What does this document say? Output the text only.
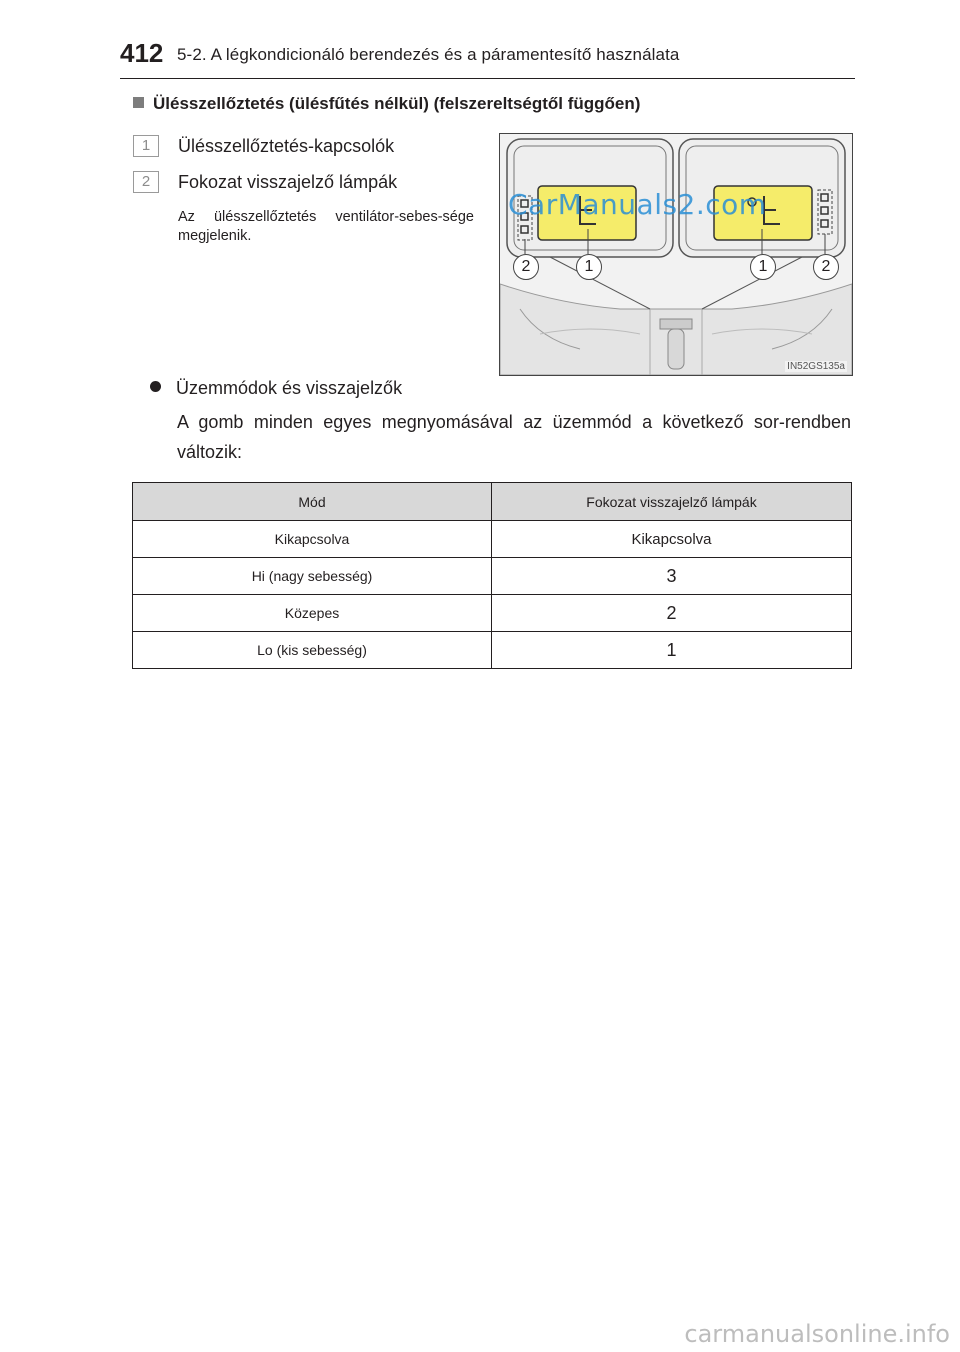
412 5-2. A légkondicionáló berendezés és a páramentesítő használata
Ülésszellőztetés (ülésfűtés nélkül) (felszereltségtől függően)
1 Ülésszellőztetés-kapcsolók
2 Fokozat visszajelző lámpák
Az ülésszellőztetés ventilátor-sebes-sége megjelenik.
2	1	1	2
CarManuals2.com
IN52GS135a
Üzemmódok és visszajelzők
A gomb minden egyes megnyomásával az üzemmód a következő sor-rendben változik:
Mód	Fokozat visszajelző lámpák
Kikapcsolva	Kikapcsolva
Hi (nagy sebesség)	3
Közepes	2
Lo (kis sebesség)	1
carmanualsonline.info
